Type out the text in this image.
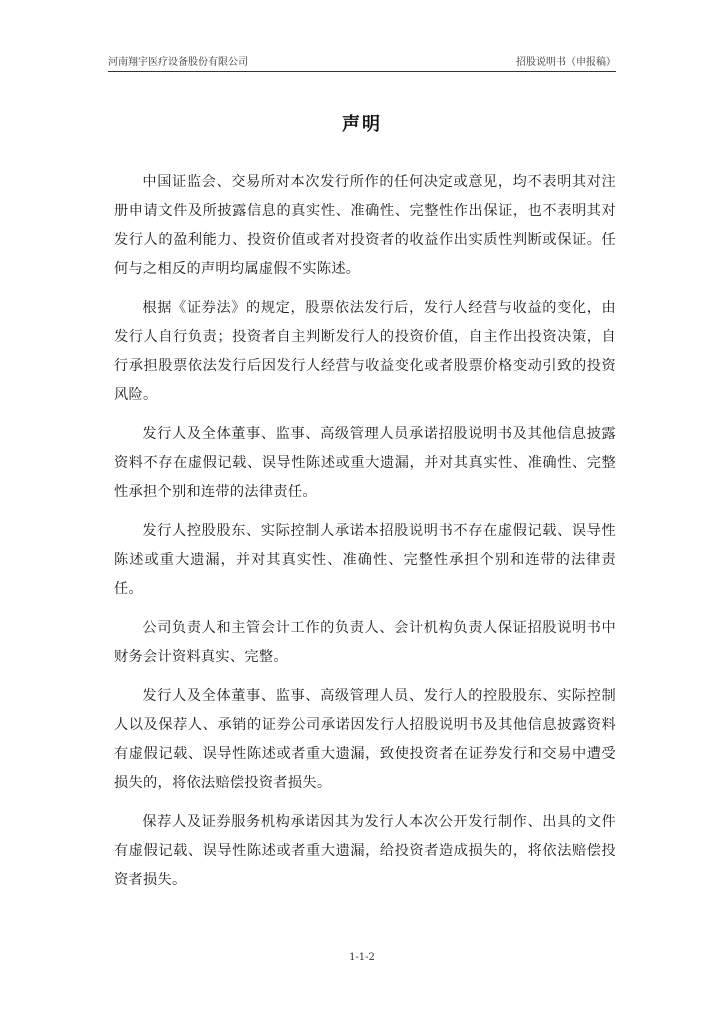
河南翔宇医疗设备股份有限公司	招股说明书（申报稿）
声明

中国证监会、交易所对本次发行所作的任何决定或意见，均不表明其对注册申请文件及所披露信息的真实性、准确性、完整性作出保证，也不表明其对发行人的盈利能力、投资价值或者对投资者的收益作出实质性判断或保证。任何与之相反的声明均属虚假不实陈述。

根据《证券法》的规定，股票依法发行后，发行人经营与收益的变化，由发行人自行负责；投资者自主判断发行人的投资价值，自主作出投资决策，自行承担股票依法发行后因发行人经营与收益变化或者股票价格变动引致的投资风险。

发行人及全体董事、监事、高级管理人员承诺招股说明书及其他信息披露资料不存在虚假记载、误导性陈述或重大遗漏，并对其真实性、准确性、完整性承担个别和连带的法律责任。

发行人控股股东、实际控制人承诺本招股说明书不存在虚假记载、误导性陈述或重大遗漏，并对其真实性、准确性、完整性承担个别和连带的法律责任。

公司负责人和主管会计工作的负责人、会计机构负责人保证招股说明书中财务会计资料真实、完整。

发行人及全体董事、监事、高级管理人员、发行人的控股股东、实际控制人以及保荐人、承销的证券公司承诺因发行人招股说明书及其他信息披露资料有虚假记载、误导性陈述或者重大遗漏，致使投资者在证券发行和交易中遭受损失的，将依法赔偿投资者损失。

保荐人及证券服务机构承诺因其为发行人本次公开发行制作、出具的文件有虚假记载、误导性陈述或者重大遗漏，给投资者造成损失的，将依法赔偿投资者损失。

1-1-2
